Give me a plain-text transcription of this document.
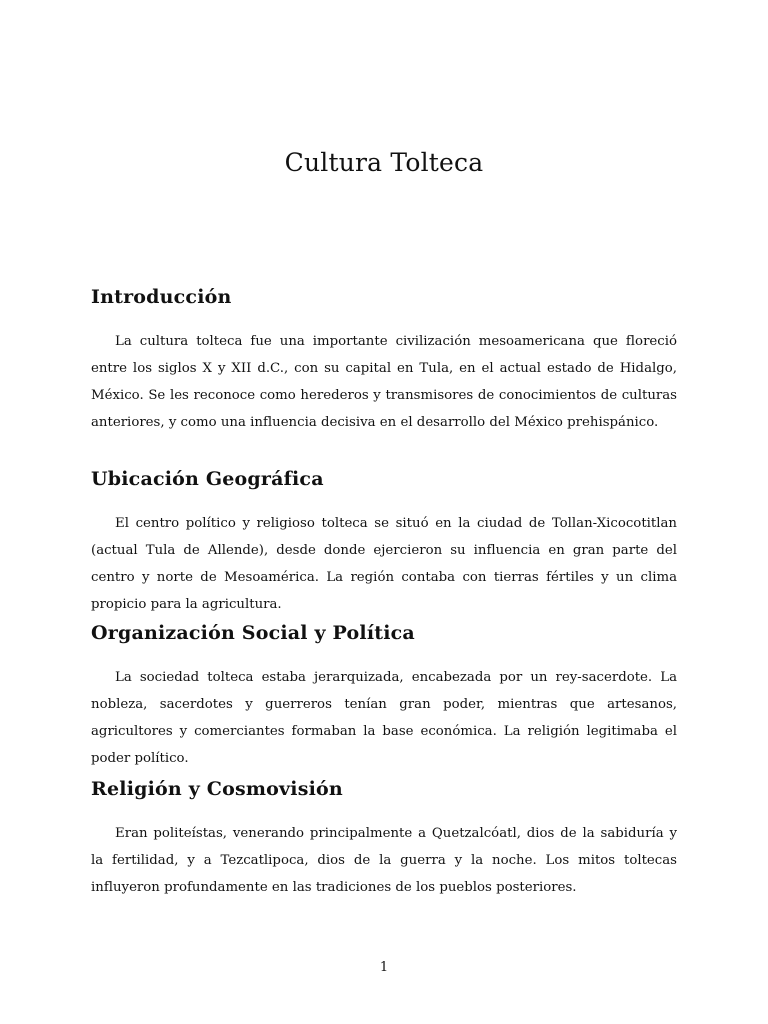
Cultura Tolteca
Introducción

La cultura tolteca fue una importante civilización mesoamericana que floreció entre los siglos X y XII d.C., con su capital en Tula, en el actual estado de Hidalgo, México. Se les reconoce como herederos y transmisores de conocimientos de culturas anteriores, y como una influencia decisiva en el desarrollo del México prehispánico.

Ubicación Geográfica

El centro político y religioso tolteca se situó en la ciudad de Tollan-Xicocotitlan (actual Tula de Allende), desde donde ejercieron su influencia en gran parte del centro y norte de Mesoamérica. La región contaba con tierras fértiles y un clima propicio para la agricultura.

Organización Social y Política

La sociedad tolteca estaba jerarquizada, encabezada por un rey-sacerdote. La nobleza, sacerdotes y guerreros tenían gran poder, mientras que artesanos, agricultores y comerciantes formaban la base económica. La religión legitimaba el poder político.

Religión y Cosmovisión

Eran politeístas, venerando principalmente a Quetzalcóatl, dios de la sabiduría y la fertilidad, y a Tezcatlipoca, dios de la guerra y la noche. Los mitos toltecas influyeron profundamente en las tradiciones de los pueblos posteriores.

1
